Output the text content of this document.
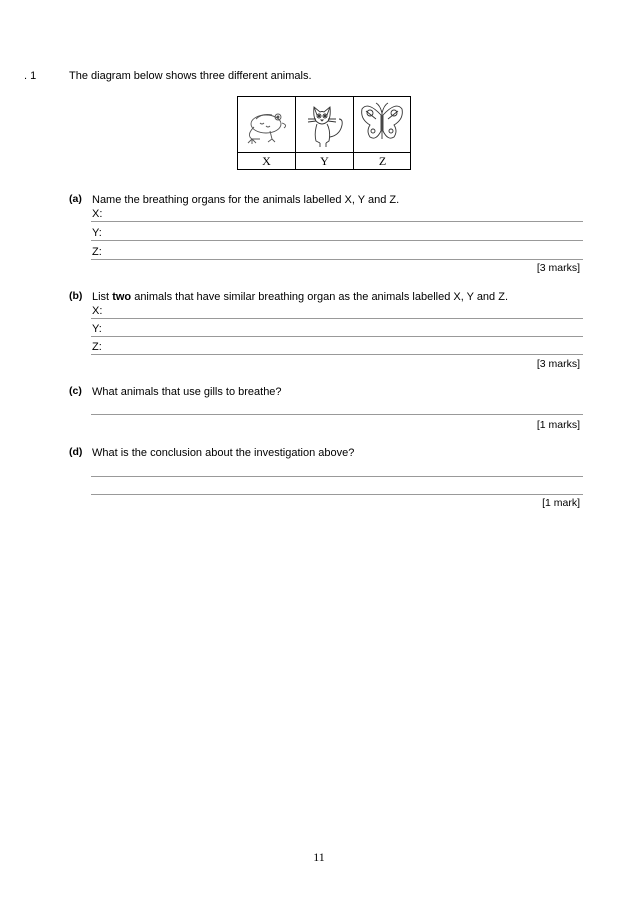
. 1	The diagram below shows three different animals.
X	Y	Z
(a) Name the breathing organs for the animals labelled X, Y and Z.
X:
Y:
Z:
[3 marks]
(b) List two animals that have similar breathing organ as the animals labelled X, Y and Z.
X:
Y:
Z:
[3 marks]
(c) What animals that use gills to breathe?
[1 marks]
(d) What is the conclusion about the investigation above?
[1 mark]
11
